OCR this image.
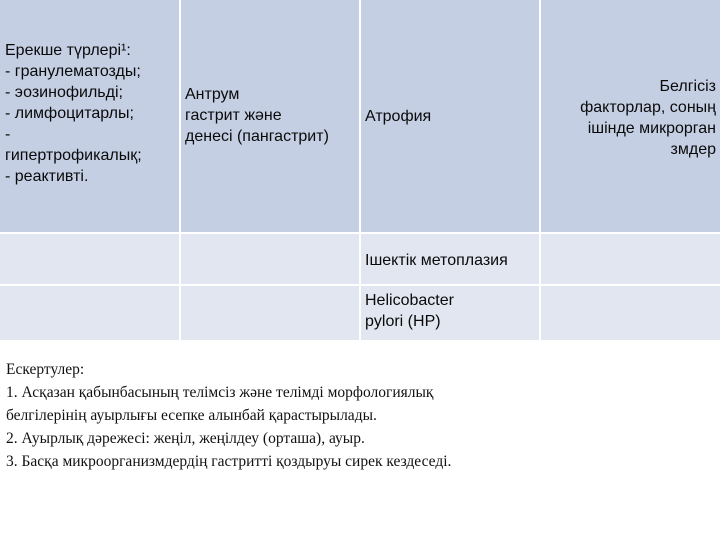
Ерекше түрлері¹:
- гранулематозды;
- эозинофильді;
- лимфоцитарлы;
-
гипертрофикалық;
- реактивті.
Антрум
гастрит және
денесі (пангастрит)
Атрофия
Белгісіз
факторлар, соның
ішінде микрорган
змдер
Ішектік метоплазия
Helicobacter
pylori (HP)

Ескертулер:

1. Асқазан қабынбасының телімсіз және телімді морфологиялық

белгілерінің ауырлығы есепке алынбай қарастырылады.

2. Ауырлық дәрежесі: жеңіл, жеңілдеу (орташа), ауыр.

3. Басқа микроорганизмдердің гастритті қоздыруы сирек кездеседі.
